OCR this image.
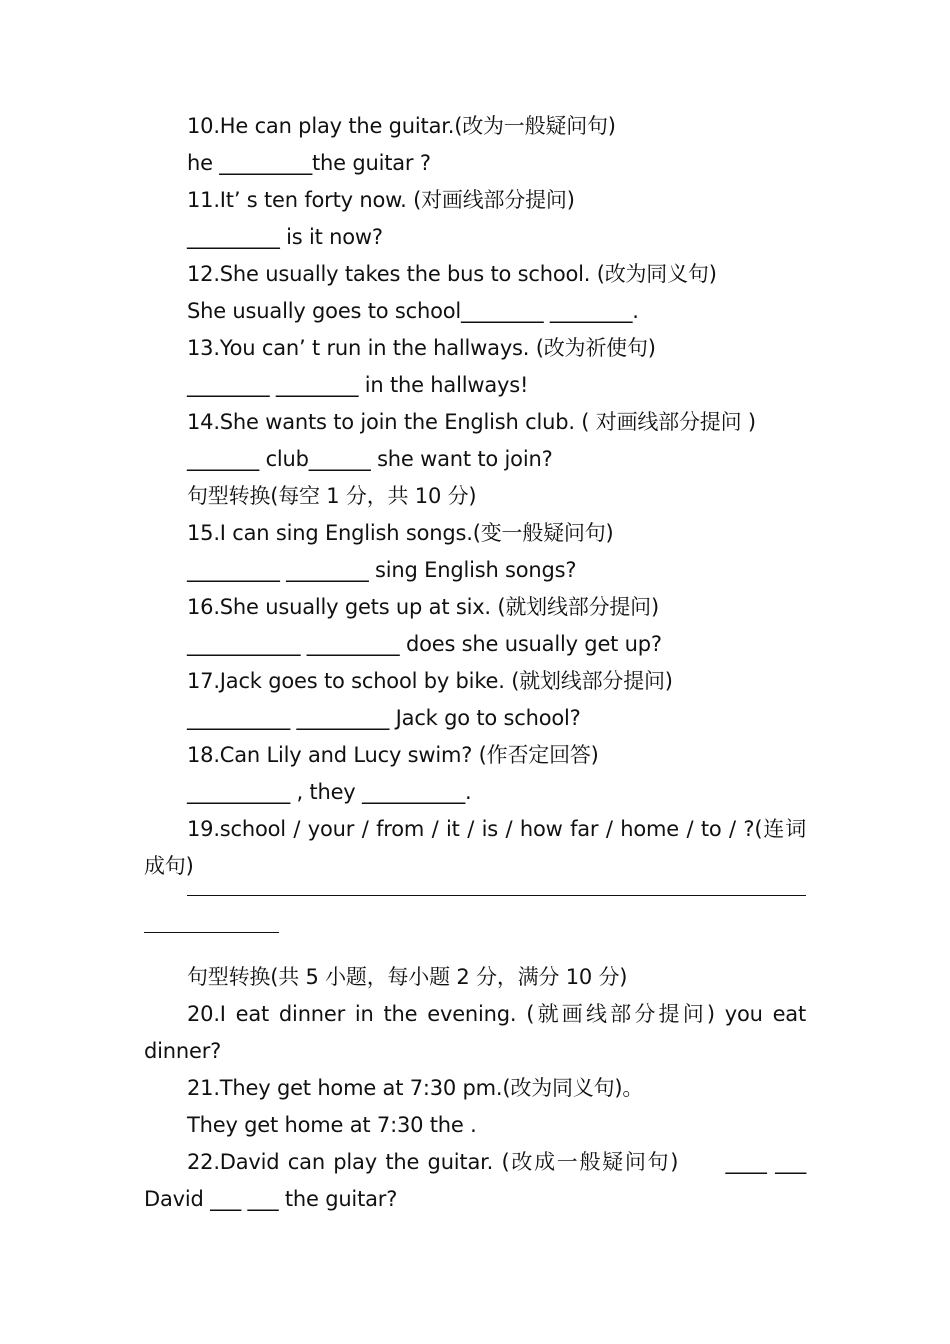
10.He can play the guitar.(改为一般疑问句)
he _________the guitar ?
11.It’ s ten forty now. (对画线部分提问)
_________ is it now?
12.She usually takes the bus to school. (改为同义句)
She usually goes to school________ ________.
13.You can’ t run in the hallways. (改为祈使句)
________ ________ in the hallways!
14.She wants to join the English club. ( 对画线部分提问 )
_______ club______ she want to join?
句型转换(每空 1 分，共 10 分)
15.I can sing English songs.(变一般疑问句)
_________ ________ sing English songs?
16.She usually gets up at six. (就划线部分提问)
___________ _________ does she usually get up?
17.Jack goes to school by bike. (就划线部分提问)
__________ _________ Jack go to school?
18.Can Lily and Lucy swim? (作否定回答)
__________ , they __________.
19.school / your / from / it / is / how far / home / to / ?(连词成句)
句型转换(共 5 小题，每小题 2 分，满分 10 分)
20.I eat dinner in the evening. (就画线部分提问) you eat dinner?
21.They get home at 7:30 pm.(改为同义句)。
They get home at 7:30 the .
22.David can play the guitar. (改成一般疑问句)　　____ ___ David ___ ___ the guitar?
